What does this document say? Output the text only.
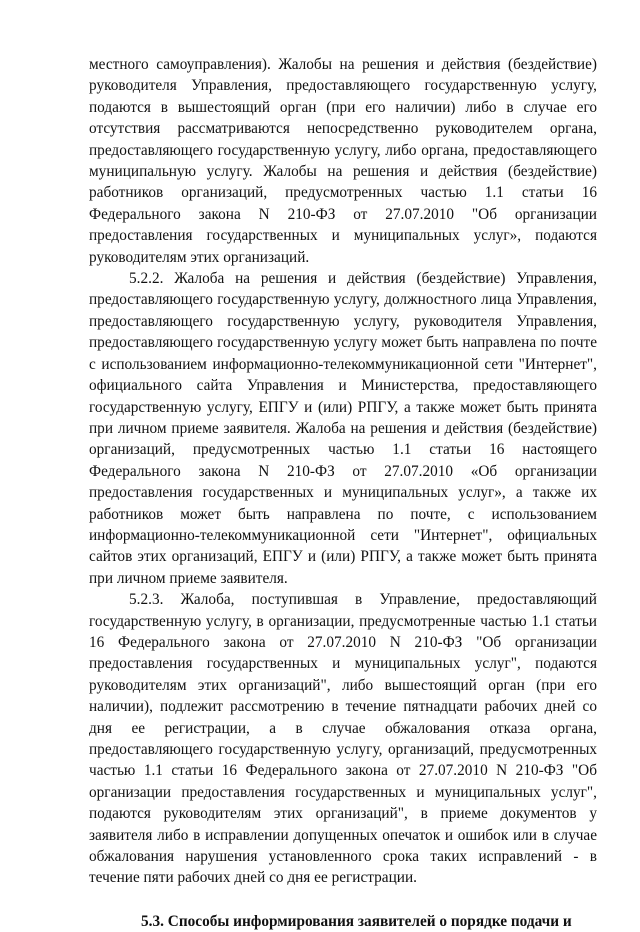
местного самоуправления). Жалобы на решения и действия (бездействие) руководителя Управления, предоставляющего государственную услугу, подаются в вышестоящий орган (при его наличии) либо в случае его отсутствия рассматриваются непосредственно руководителем органа, предоставляющего государственную услугу, либо органа, предоставляющего муниципальную услугу. Жалобы на решения и действия (бездействие) работников организаций, предусмотренных частью 1.1 статьи 16 Федерального закона N 210-ФЗ от 27.07.2010 "Об организации предоставления государственных и муниципальных услуг», подаются руководителям этих организаций.

5.2.2. Жалоба на решения и действия (бездействие) Управления, предоставляющего государственную услугу, должностного лица Управления, предоставляющего государственную услугу, руководителя Управления, предоставляющего государственную услугу может быть направлена по почте с использованием информационно-телекоммуникационной сети "Интернет", официального сайта Управления и Министерства, предоставляющего государственную услугу, ЕПГУ и (или) РПГУ, а также может быть принята при личном приеме заявителя. Жалоба на решения и действия (бездействие) организаций, предусмотренных частью 1.1 статьи 16 настоящего Федерального закона N 210-ФЗ от 27.07.2010 «Об организации предоставления государственных и муниципальных услуг», а также их работников может быть направлена по почте, с использованием информационно-телекоммуникационной сети "Интернет", официальных сайтов этих организаций, ЕПГУ и (или) РПГУ, а также может быть принята при личном приеме заявителя.

5.2.3. Жалоба, поступившая в Управление, предоставляющий государственную услугу, в организации, предусмотренные частью 1.1 статьи 16 Федерального закона от 27.07.2010 N 210-ФЗ "Об организации предоставления государственных и муниципальных услуг", подаются руководителям этих организаций", либо вышестоящий орган (при его наличии), подлежит рассмотрению в течение пятнадцати рабочих дней со дня ее регистрации, а в случае обжалования отказа органа, предоставляющего государственную услугу, организаций, предусмотренных частью 1.1 статьи 16 Федерального закона от 27.07.2010 N 210-ФЗ "Об организации предоставления государственных и муниципальных услуг", подаются руководителям этих организаций", в приеме документов у заявителя либо в исправлении допущенных опечаток и ошибок или в случае обжалования нарушения установленного срока таких исправлений - в течение пяти рабочих дней со дня ее регистрации.

5.3. Способы информирования заявителей о порядке подачи и
